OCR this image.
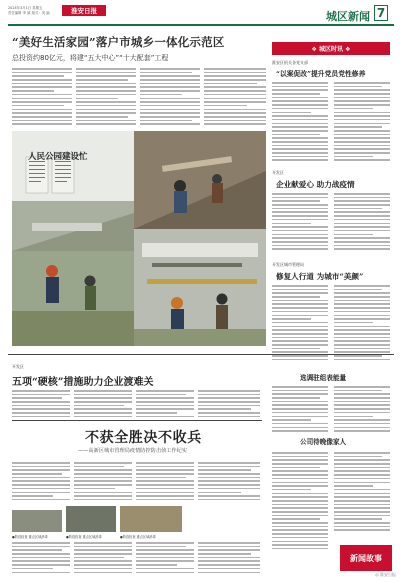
2024年3月1日 星期五
责任编辑 李 斌 版式：美 编	淮安日报	城区新闻 7
“美好生活家园”落户市城乡一体化示范区
总投资约80亿元，将建“五大中心”“十大配套”工程
人民公园建设忙
❖ 城区时讯 ❖
淮安区机关各党支部
“以案促改”提升党员党性修养
开发区
企业献爱心 助力战疫情
开发区城市管理局
修复人行道 为城市“美颜”
开发区
五项“硬核”措施助力企业渡难关
不获全胜决不收兵
——高新区城市管理局疫情防控防击侦工作纪实
●防疫检查 重点区域消毒	●防疫检查 重点区域消毒	●防疫检查 重点区域消毒
选调驻组表能量
公司待晚像家人
新闻故事
◎ 淮安日报
